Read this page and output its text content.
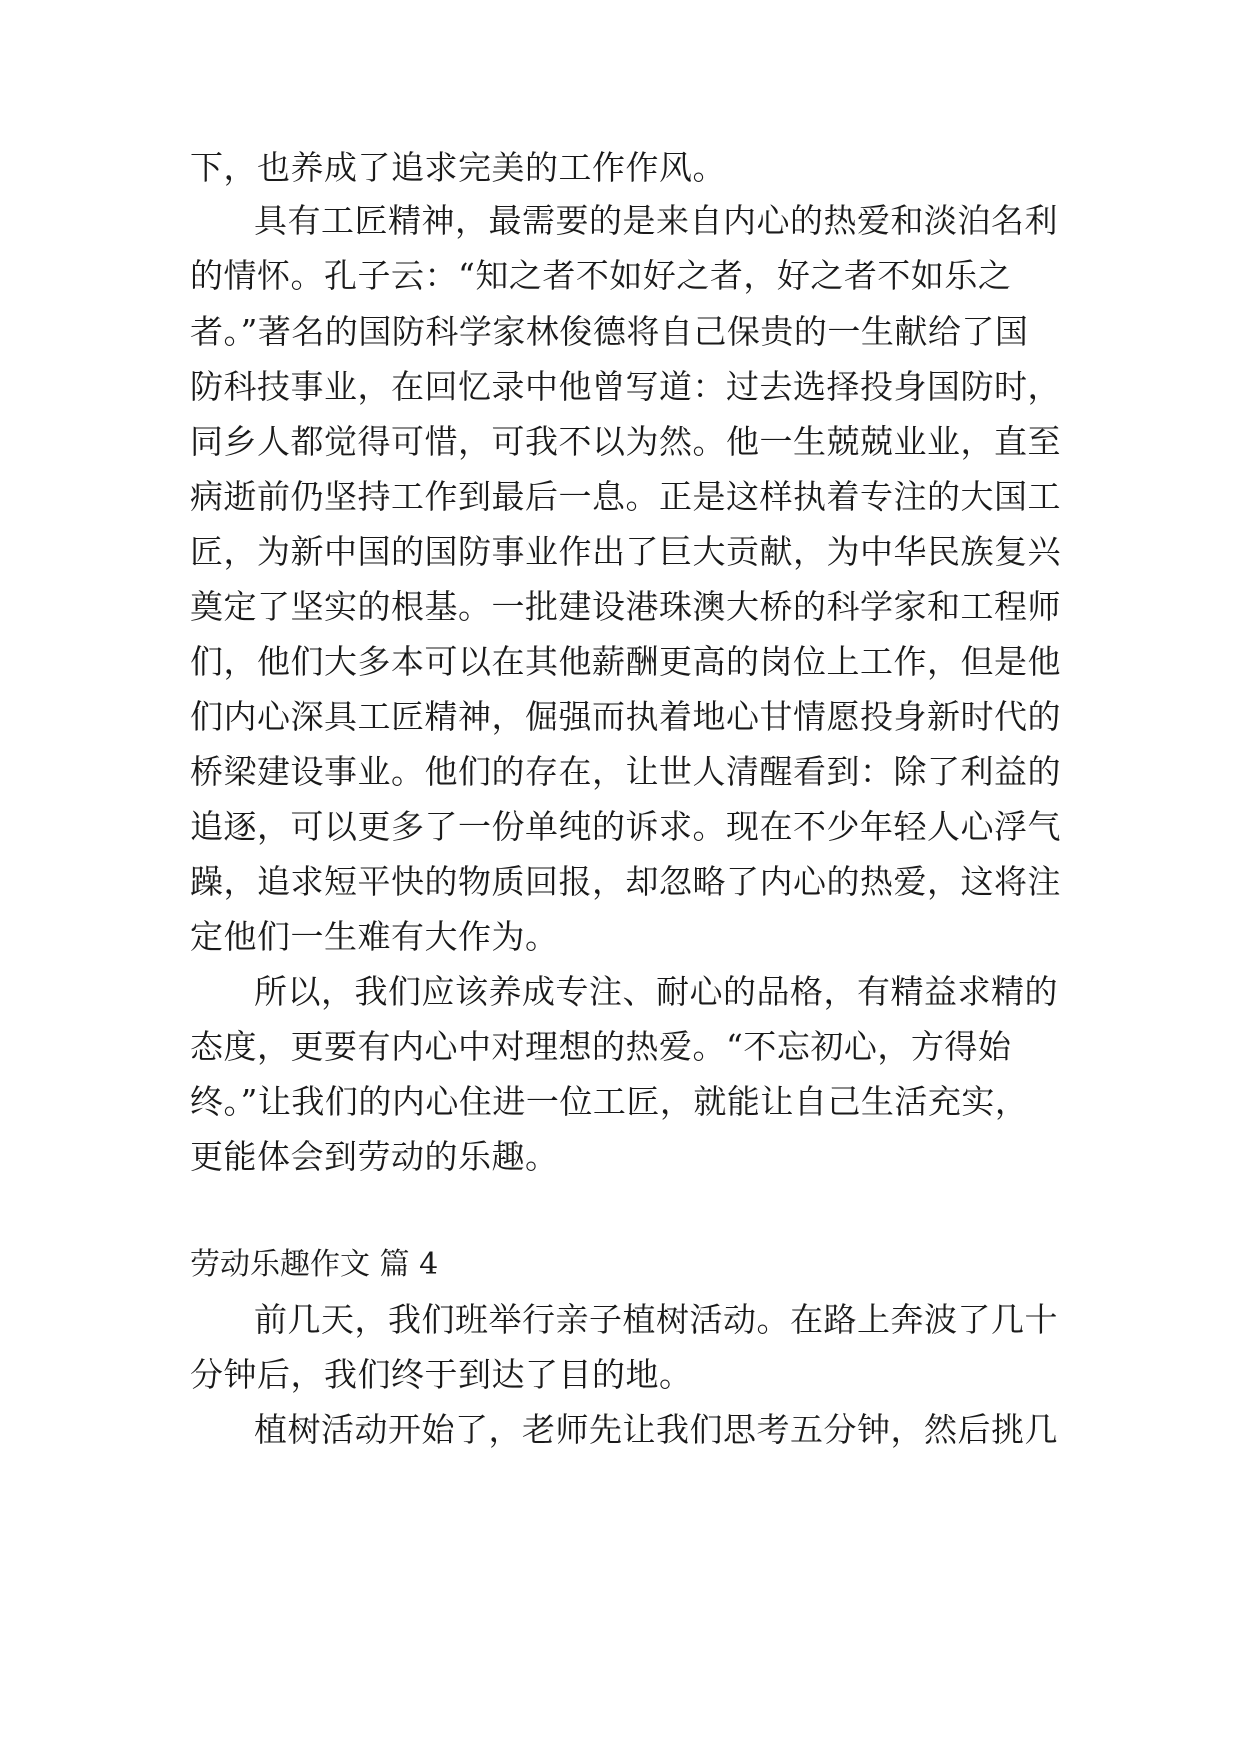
下，也养成了追求完美的工作作风。
具有工匠精神，最需要的是来自内心的热爱和淡泊名利
的情怀。孔子云：“知之者不如好之者，好之者不如乐之
者。”著名的国防科学家林俊德将自己保贵的一生献给了国
防科技事业，在回忆录中他曾写道：过去选择投身国防时，
同乡人都觉得可惜，可我不以为然。他一生兢兢业业，直至
病逝前仍坚持工作到最后一息。正是这样执着专注的大国工
匠，为新中国的国防事业作出了巨大贡献，为中华民族复兴
奠定了坚实的根基。一批建设港珠澳大桥的科学家和工程师
们，他们大多本可以在其他薪酬更高的岗位上工作，但是他
们内心深具工匠精神，倔强而执着地心甘情愿投身新时代的
桥梁建设事业。他们的存在，让世人清醒看到：除了利益的
追逐，可以更多了一份单纯的诉求。现在不少年轻人心浮气
躁，追求短平快的物质回报，却忽略了内心的热爱，这将注
定他们一生难有大作为。
所以，我们应该养成专注、耐心的品格，有精益求精的
态度，更要有内心中对理想的热爱。“不忘初心，方得始
终。”让我们的内心住进一位工匠，就能让自己生活充实，
更能体会到劳动的乐趣。
劳动乐趣作文 篇 4
前几天，我们班举行亲子植树活动。在路上奔波了几十
分钟后，我们终于到达了目的地。
植树活动开始了，老师先让我们思考五分钟，然后挑几
